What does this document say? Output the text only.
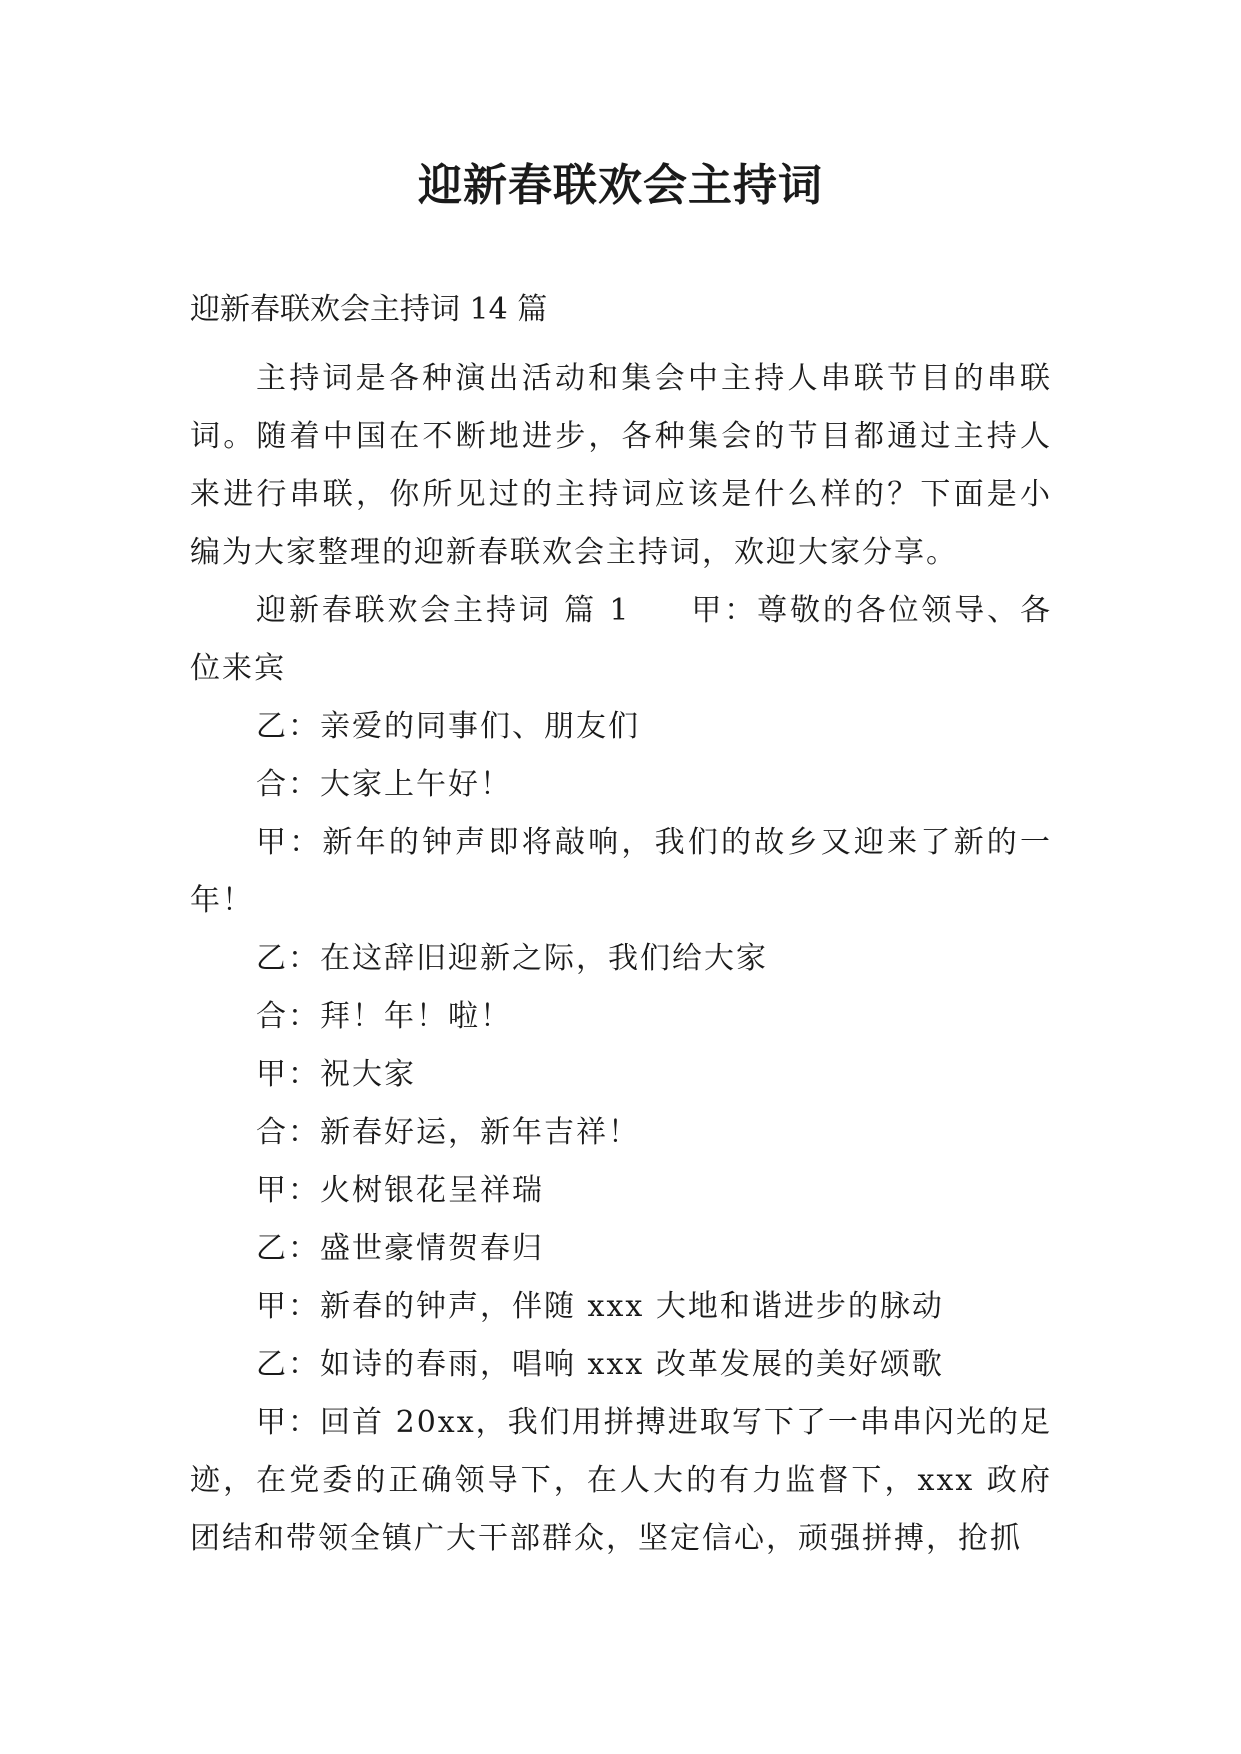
迎新春联欢会主持词

迎新春联欢会主持词 14 篇

主持词是各种演出活动和集会中主持人串联节目的串联词。随着中国在不断地进步，各种集会的节目都通过主持人来进行串联，你所见过的主持词应该是什么样的？下面是小编为大家整理的迎新春联欢会主持词，欢迎大家分享。

迎新春联欢会主持词 篇 1 甲：尊敬的各位领导、各位来宾

乙：亲爱的同事们、朋友们

合：大家上午好！

甲：新年的钟声即将敲响，我们的故乡又迎来了新的一年！

乙：在这辞旧迎新之际，我们给大家

合：拜！年！啦！

甲：祝大家

合：新春好运，新年吉祥！

甲：火树银花呈祥瑞

乙：盛世豪情贺春归

甲：新春的钟声，伴随 xxx 大地和谐进步的脉动

乙：如诗的春雨，唱响 xxx 改革发展的美好颂歌

甲：回首 20xx，我们用拼搏进取写下了一串串闪光的足迹，在党委的正确领导下，在人大的有力监督下，xxx 政府团结和带领全镇广大干部群众，坚定信心，顽强拼搏，抢抓
